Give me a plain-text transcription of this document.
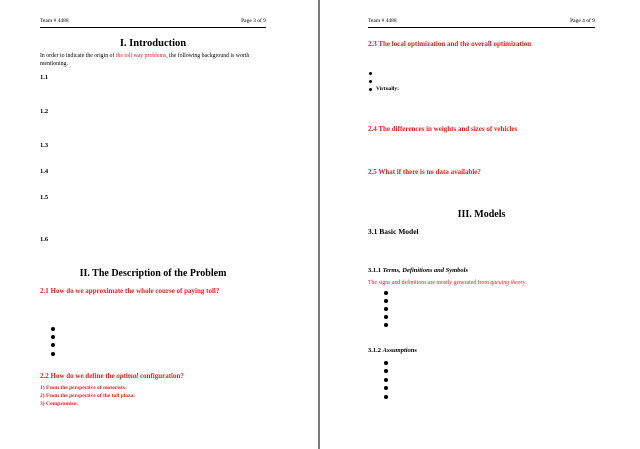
Team # 4488	Page 3 of 9
I. Introduction
In order to indicate the origin of the toll way problems, the following background is worth mentioning.
1.1
1.2
1.3
1.4
1.5
1.6
II. The Description of the Problem
2.1 How do we approximate the whole course of paying toll?
2.2 How do we define the optimal configuration?
1) From the perspective of motorists:
2) From the perspective of the toll plaza:
3) Compromise:
Team # 4488	Page 4 of 9
2.3 The local optimization and the overall optimization
Virtually:
2.4 The differences in weights and sizes of vehicles
2.5 What if there is no data available?
III. Models
3.1 Basic Model
3.1.1 Terms, Definitions and Symbols
The signs and definitions are mostly generated from queuing theory.
3.1.2 Assumptions
